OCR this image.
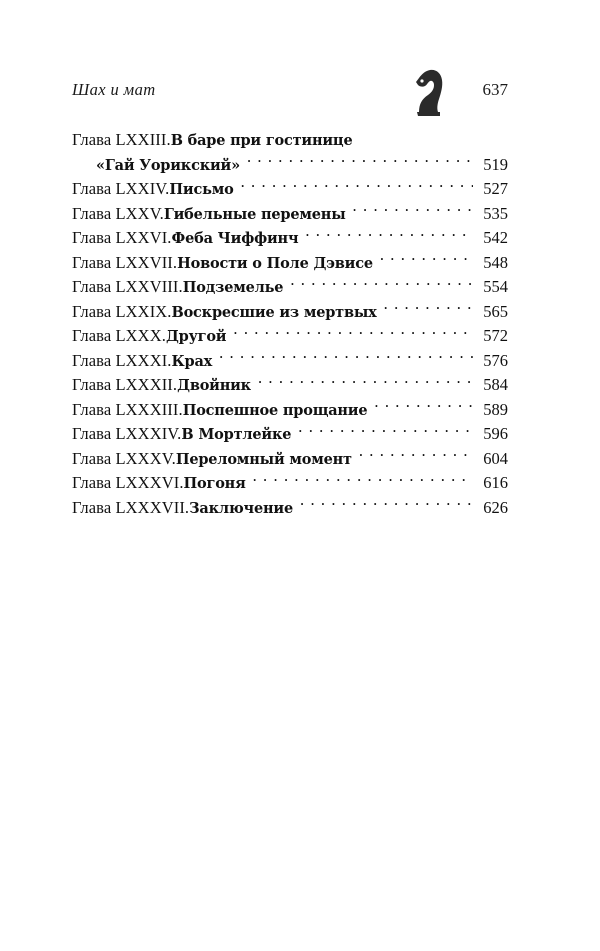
Шах и мат	637
Глава LXXIII. В баре при гостинице
«Гай Уорикский» . . .	519
Глава LXXIV. Письмо . . .	527
Глава LXXV. Гибельные перемены . . .	535
Глава LXXVI. Феба Чиффинч . . .	542
Глава LXXVII. Новости о Поле Дэвисе . . .	548
Глава LXXVIII. Подземелье . . .	554
Глава LXXIX. Воскресшие из мертвых . . .	565
Глава LXXX. Другой . . .	572
Глава LXXXI. Крах . . .	576
Глава LXXXII. Двойник . . .	584
Глава LXXXIII. Поспешное прощание . . .	589
Глава LXXXIV. В Мортлейке . . .	596
Глава LXXXV. Переломный момент . . .	604
Глава LXXXVI. Погоня . . .	616
Глава LXXXVII. Заключение . . .	626
